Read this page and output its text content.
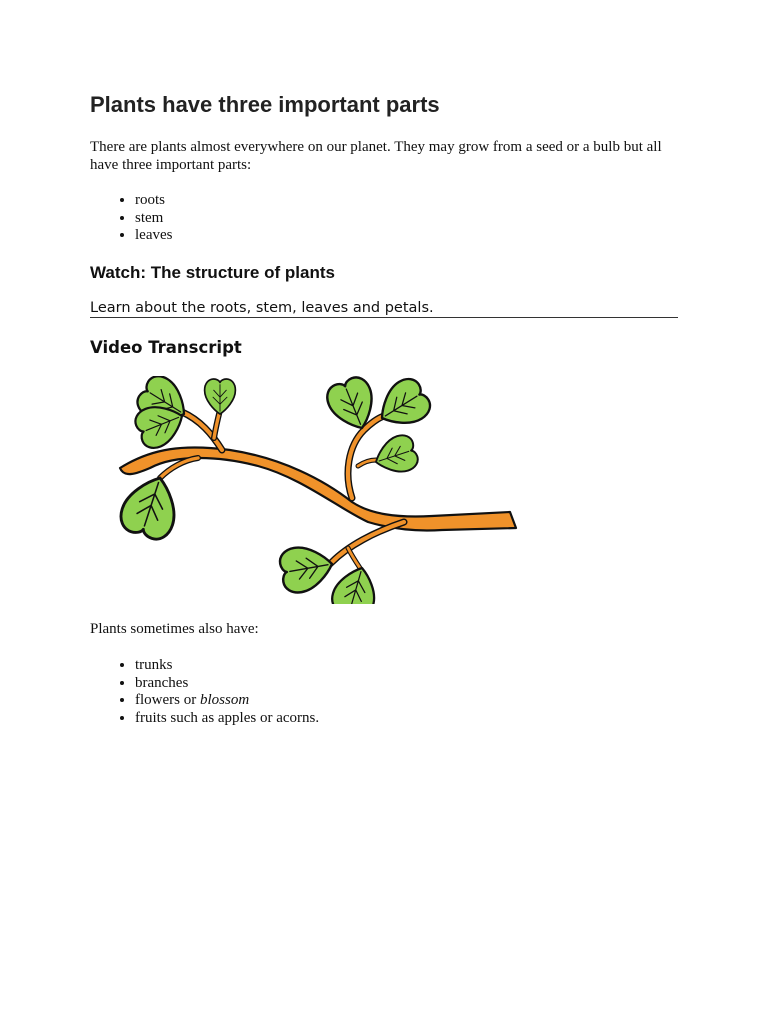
Plants have three important parts

There are plants almost everywhere on our planet. They may grow from a seed or a bulb but all have three important parts:

• roots
• stem
• leaves
Watch: The structure of plants

Learn about the roots, stem, leaves and petals.

Video Transcript

Plants sometimes also have:

• trunks
• branches
• flowers or blossom
• fruits such as apples or acorns.
